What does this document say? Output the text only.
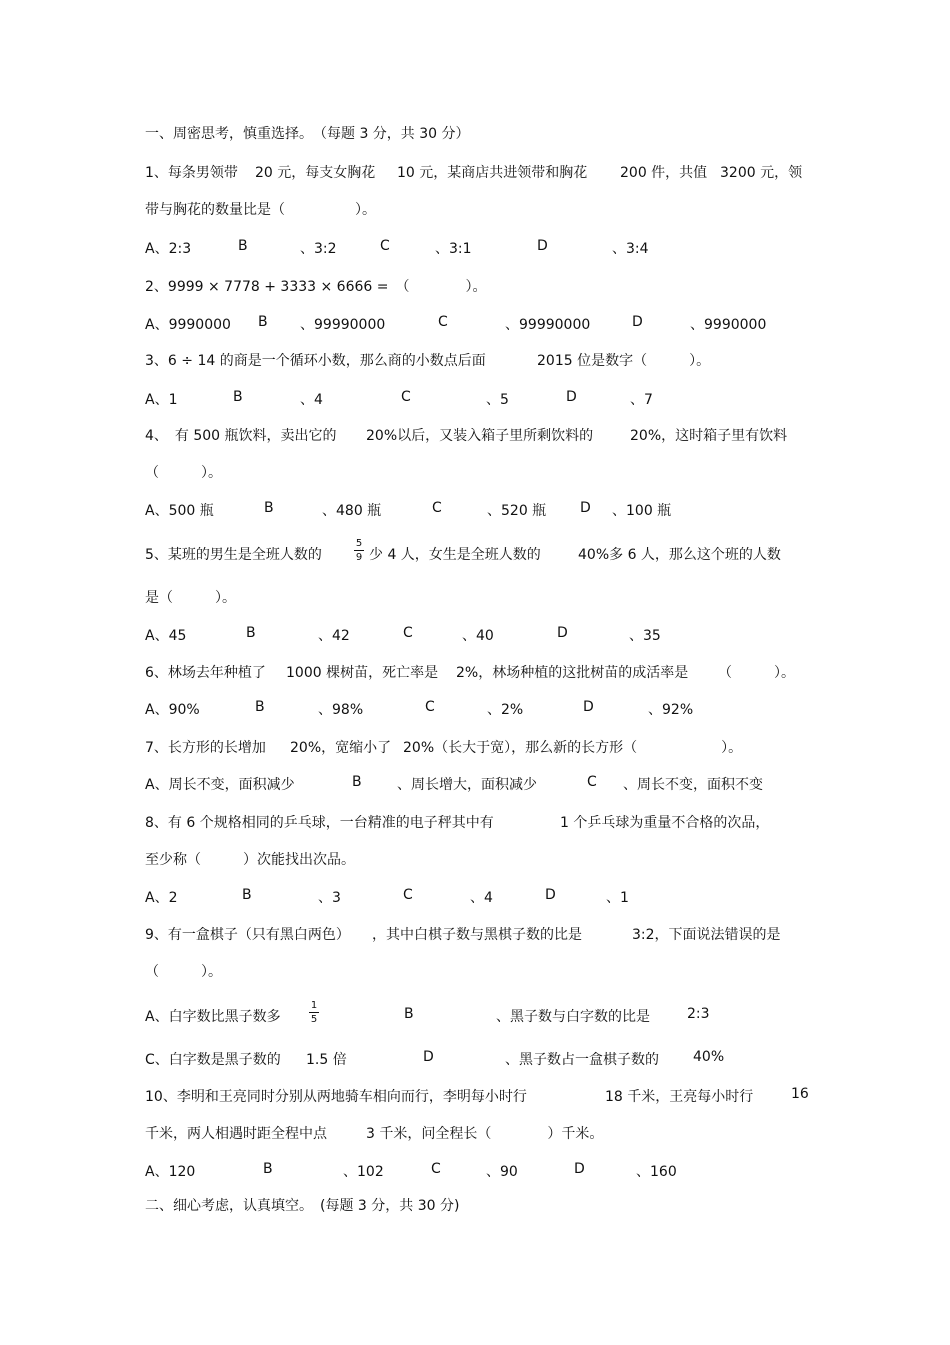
一、周密思考，慎重选择。　（每题 3 分，共 30 分）
1、每条男领带 20 元，每支女胸花 10 元，某商店共进领带和胸花 200 件，共值 3200 元，领
带与胸花的数量比是（　　　　　）。
A、2:3	B	、3:2	C	、3:1	D	、3:4
2、9999 × 7778 + 3333 × 6666 =　（　　　　）。
A、9990000 B 、99990000	C	、99990000	D	、9990000
3、6 ÷ 14 的商是一个循环小数，那么商的小数点后面	2015 位是数字（　　　）。
A、1	B	、4	C	、5	D	、7
4、　有 500 瓶饮料，卖出它的 20%以后，又装入箱子里所剩饮料的	20%，这时箱子里有饮料
（　　　）。
A、500 瓶	B	、480 瓶	C	、520 瓶 D 、100 瓶
5、某班的男生是全班人数的
5
9 少 4 人，女生是全班人数的	40%多 6 人，那么这个班的人数
是（　　　）。
A、45	B	、42	C	、40	D	、35
6、林场去年种植了 1000 棵树苗，死亡率是 2%，林场种植的这批树苗的成活率是 （　　　）。
A、90%	B	、98%	C	、2%	D	、92%
7、长方形的长增加 20%，宽缩小了 20%（长大于宽），那么新的长方形（　　　　　　）。
A、周长不变，面积减少	B	、周长增大，面积减少	C 、周长不变，面积不变
8、有 6 个规格相同的乒乓球，一台精准的电子秤其中有	1 个乒乓球为重量不合格的次品，
至少称（　　　）次能找出次品。
A、2	B	、3	C	、4	D	、1
9、有一盒棋子（只有黑白两色） ，其中白棋子数与黑棋子数的比是	3:2，下面说法错误的是
（　　　）。
A、白字数比黑子数多
1
5	B	、黑子数与白字数的比是	2:3
C、白字数是黑子数的 1.5 倍	D	、黑子数占一盒棋子数的 40%
10、李明和王亮同时分别从两地骑车相向而行，李明每小时行	18 千米，王亮每小时行	16
千米，两人相遇时距全程中点	3 千米，问全程长（　　　　）千米。
A、120	B	、102	C	、90	D	、160
二、细心考虑，认真填空。　(每题 3 分，共 30 分)
